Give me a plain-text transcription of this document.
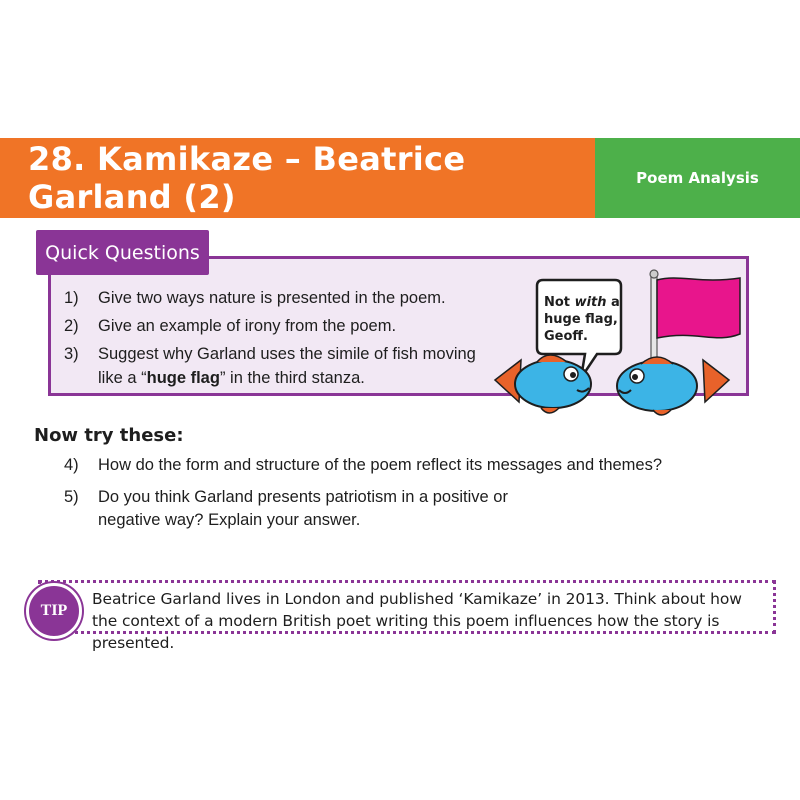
28. Kamikaze – Beatrice Garland (2)	Poem Analysis
Quick Questions
1)	Give two ways nature is presented in the poem.
2)	Give an example of irony from the poem.
3)	Suggest why Garland uses the simile of fish moving like a “huge flag” in the third stanza.
Not with a huge flag, Geoff.
Now try these:
4)	How do the form and structure of the poem reflect its messages and themes?
5)	Do you think Garland presents patriotism in a positive or negative way? Explain your answer.
TIP
Beatrice Garland lives in London and published ‘Kamikaze’ in 2013. Think about how the context of a modern British poet writing this poem influences how the story is presented.
